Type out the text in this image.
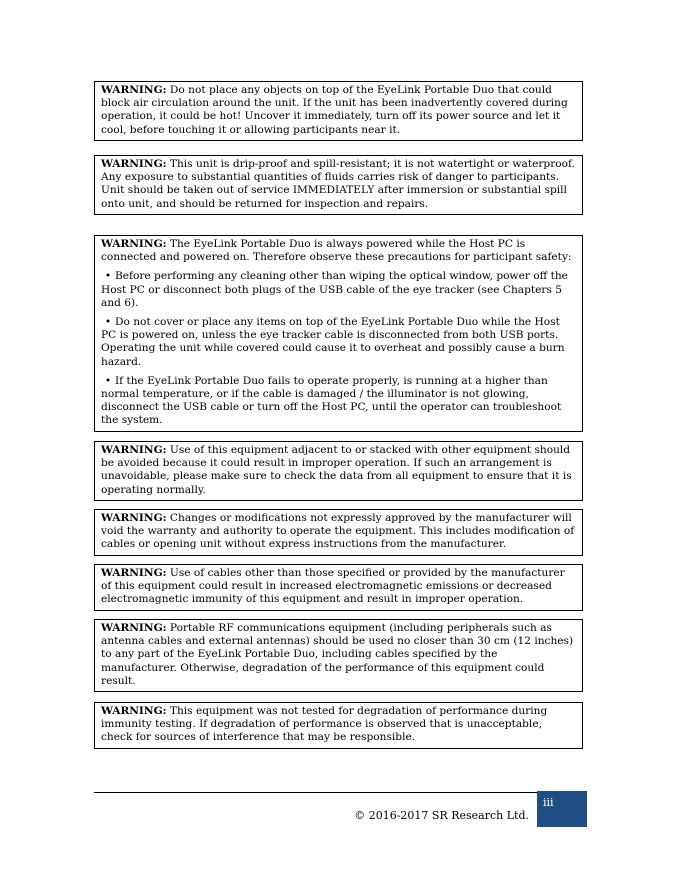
WARNING: Do not place any objects on top of the EyeLink Portable Duo that could block air circulation around the unit. If the unit has been inadvertently covered during operation, it could be hot! Uncover it immediately, turn off its power source and let it cool, before touching it or allowing participants near it.

WARNING: This unit is drip-proof and spill-resistant; it is not watertight or waterproof. Any exposure to substantial quantities of fluids carries risk of danger to participants. Unit should be taken out of service IMMEDIATELY after immersion or substantial spill onto unit, and should be returned for inspection and repairs.

WARNING: The EyeLink Portable Duo is always powered while the Host PC is connected and powered on. Therefore observe these precautions for participant safety:

• Before performing any cleaning other than wiping the optical window, power off the Host PC or disconnect both plugs of the USB cable of the eye tracker (see Chapters 5 and 6).

• Do not cover or place any items on top of the EyeLink Portable Duo while the Host PC is powered on, unless the eye tracker cable is disconnected from both USB ports. Operating the unit while covered could cause it to overheat and possibly cause a burn hazard.

• If the EyeLink Portable Duo fails to operate properly, is running at a higher than normal temperature, or if the cable is damaged / the illuminator is not glowing, disconnect the USB cable or turn off the Host PC, until the operator can troubleshoot the system.

WARNING: Use of this equipment adjacent to or stacked with other equipment should be avoided because it could result in improper operation. If such an arrangement is unavoidable, please make sure to check the data from all equipment to ensure that it is operating normally.

WARNING: Changes or modifications not expressly approved by the manufacturer will void the warranty and authority to operate the equipment. This includes modification of cables or opening unit without express instructions from the manufacturer.

WARNING: Use of cables other than those specified or provided by the manufacturer of this equipment could result in increased electromagnetic emissions or decreased electromagnetic immunity of this equipment and result in improper operation.

WARNING: Portable RF communications equipment (including peripherals such as antenna cables and external antennas) should be used no closer than 30 cm (12 inches) to any part of the EyeLink Portable Duo, including cables specified by the manufacturer. Otherwise, degradation of the performance of this equipment could result.

WARNING: This equipment was not tested for degradation of performance during immunity testing. If degradation of performance is observed that is unacceptable, check for sources of interference that may be responsible.

© 2016-2017 SR Research Ltd.
iii
